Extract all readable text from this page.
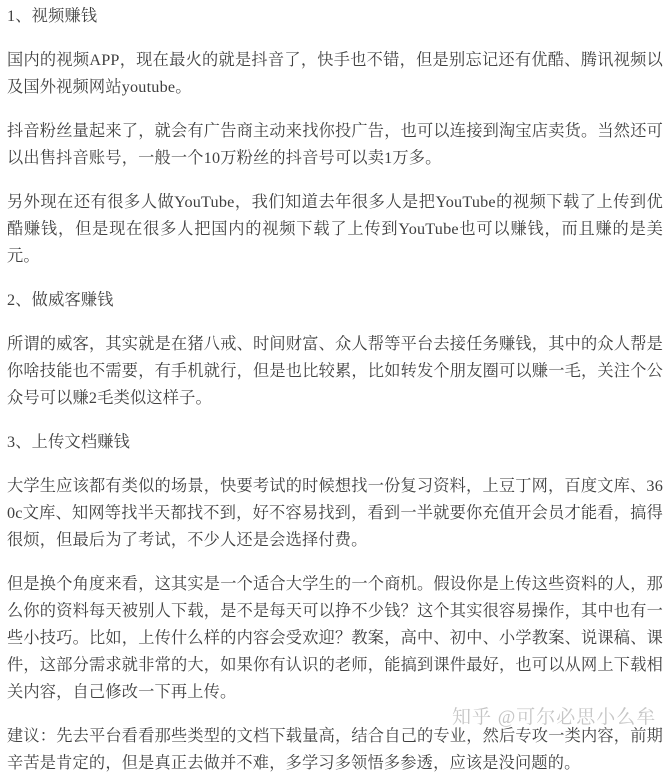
1、视频赚钱

国内的视频APP，现在最火的就是抖音了，快手也不错，但是别忘记还有优酷、腾讯视频以及国外视频网站youtube。

抖音粉丝量起来了，就会有广告商主动来找你投广告，也可以连接到淘宝店卖货。当然还可以出售抖音账号，一般一个10万粉丝的抖音号可以卖1万多。

另外现在还有很多人做YouTube，我们知道去年很多人是把YouTube的视频下载了上传到优酷赚钱，但是现在很多人把国内的视频下载了上传到YouTube也可以赚钱，而且赚的是美元。

2、做威客赚钱

所谓的威客，其实就是在猪八戒、时间财富、众人帮等平台去接任务赚钱，其中的众人帮是你啥技能也不需要，有手机就行，但是也比较累，比如转发个朋友圈可以赚一毛，关注个公众号可以赚2毛类似这样子。

3、上传文档赚钱

大学生应该都有类似的场景，快要考试的时候想找一份复习资料，上豆丁网，百度文库、360c文库、知网等找半天都找不到，好不容易找到，看到一半就要你充值开会员才能看，搞得很烦，但最后为了考试，不少人还是会选择付费。

但是换个角度来看，这其实是一个适合大学生的一个商机。假设你是上传这些资料的人，那么你的资料每天被别人下载，是不是每天可以挣不少钱？这个其实很容易操作，其中也有一些小技巧。比如，上传什么样的内容会受欢迎？教案，高中、初中、小学教案、说课稿、课件，这部分需求就非常的大，如果你有认识的老师，能搞到课件最好，也可以从网上下载相关内容，自己修改一下再上传。

建议：先去平台看看那些类型的文档下载量高，结合自己的专业，然后专攻一类内容，前期辛苦是肯定的，但是真正去做并不难，多学习多领悟多参透，应该是没问题的。

知乎 @可尔必思小么牟
